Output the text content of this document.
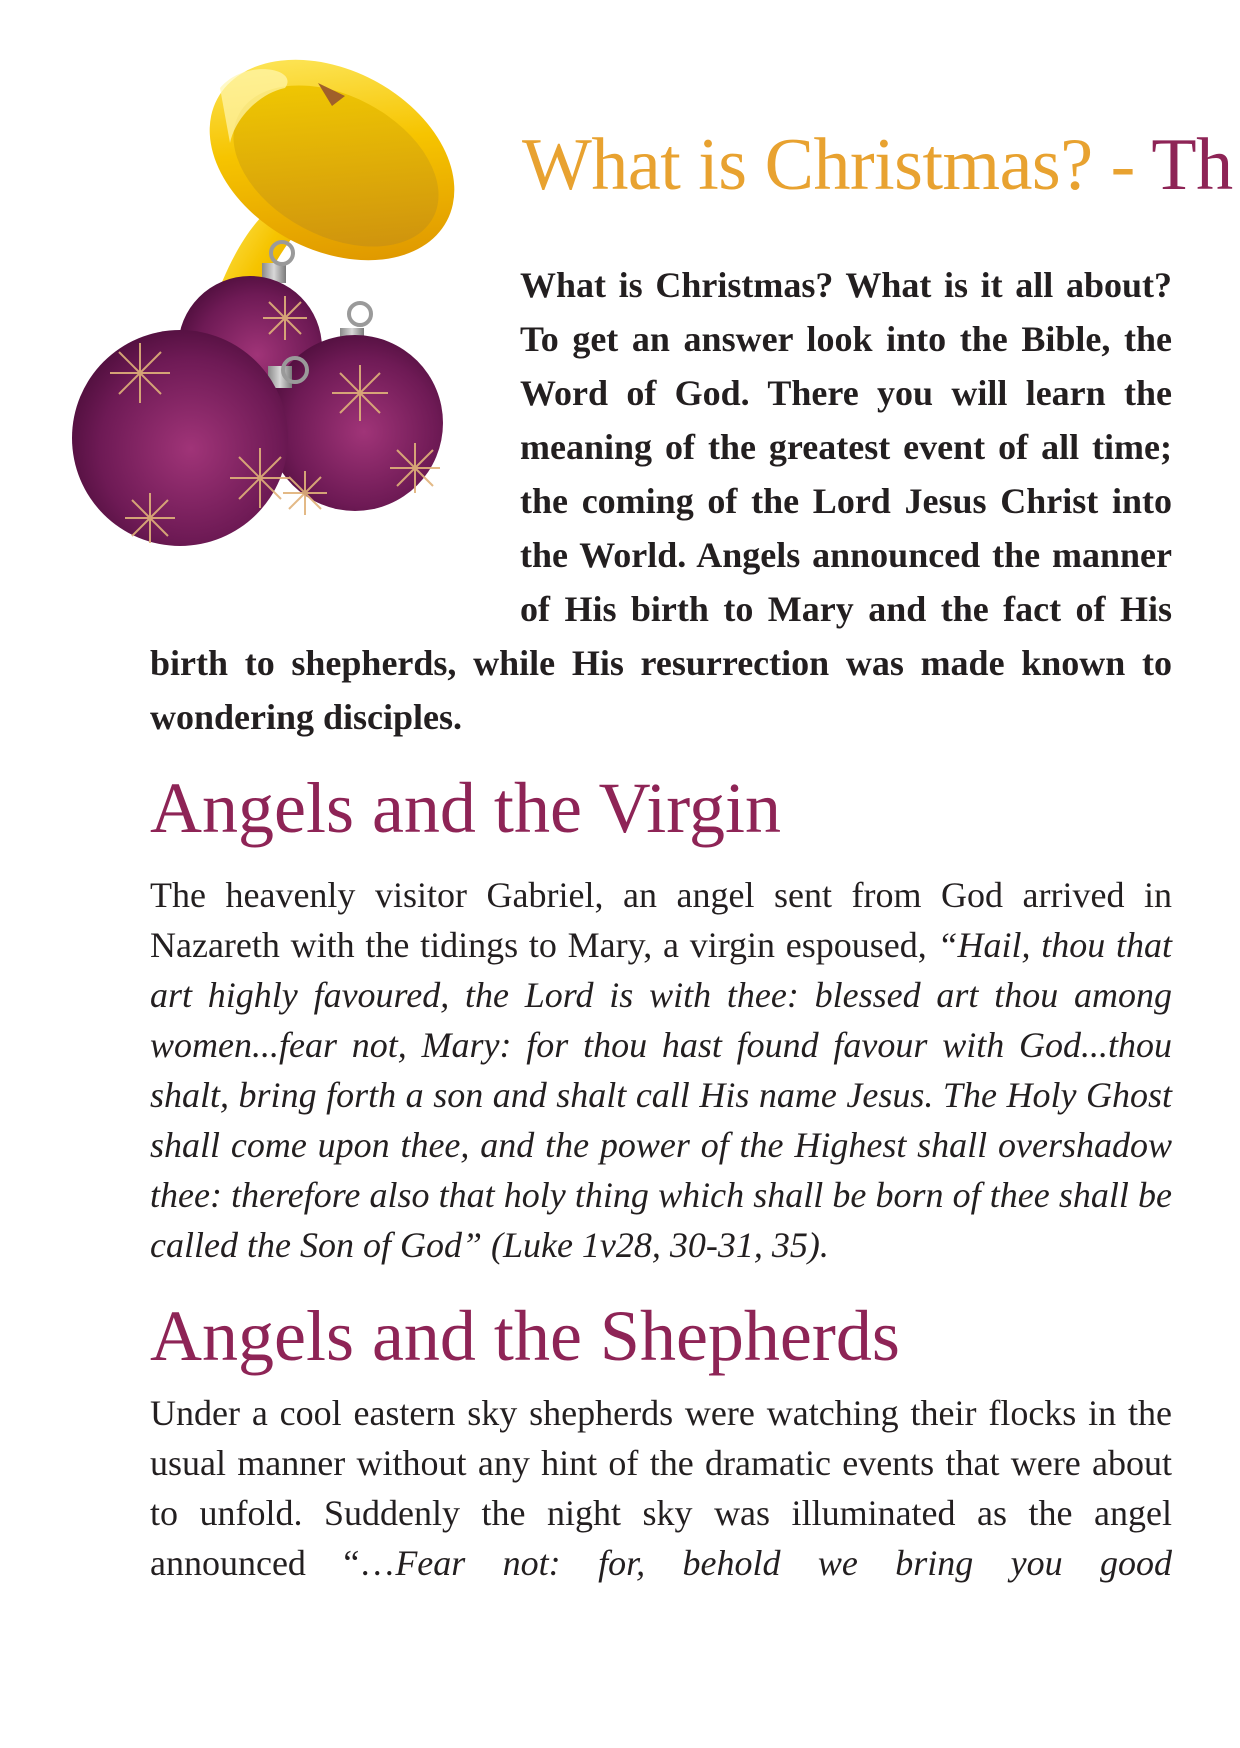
What is Christmas? - Th

What is Christmas? What is it all about? To get an answer look into the Bible, the Word of God. There you will learn the meaning of the greatest event of all time; the coming of the Lord Jesus Christ into the World. Angels announced the manner of His birth to Mary and the fact of His birth to shepherds, while His resurrection was made known to wondering disciples.

Angels and the Virgin

The heavenly visitor Gabriel, an angel sent from God arrived in Nazareth with the tidings to Mary, a virgin espoused, “Hail, thou that art highly favoured, the Lord is with thee: blessed art thou among women...fear not, Mary: for thou hast found favour with God...thou shalt, bring forth a son and shalt call His name Jesus. The Holy Ghost shall come upon thee, and the power of the Highest shall overshadow thee: therefore also that holy thing which shall be born of thee shall be called the Son of God” (Luke 1v28, 30-31, 35).

Angels and the Shepherds

Under a cool eastern sky shepherds were watching their flocks in the usual manner without any hint of the dramatic events that were about to unfold. Suddenly the night sky was illuminated as the angel announced “…Fear not: for, behold we bring you good
